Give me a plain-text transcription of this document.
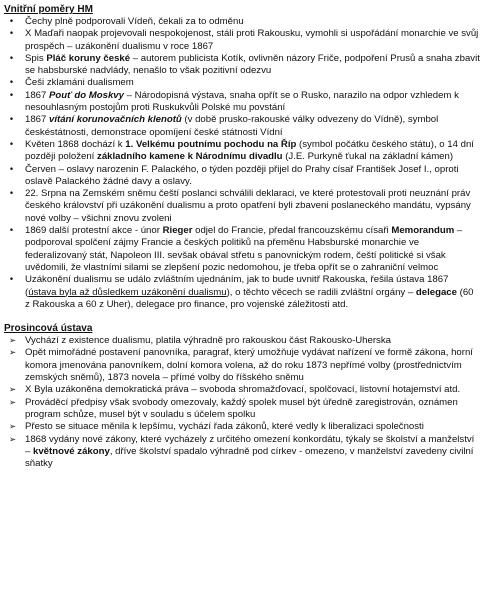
Vnitřní poměry HM
•	Čechy plně podporovali Vídeň, čekali za to odměnu
•	X Maďaři naopak projevovali nespokojenost, stáli proti Rakousku, vymohli si uspořádání monarchie ve svůj prospěch – uzákonění dualismu v roce 1867
•	Spis Pláč koruny české – autorem publicista Kotík, ovlivněn názory Friče, podpoření Prusů a snaha zbavit se habsburské nadvlády, nenašlo to však pozitivní odezvu
•	Češi zklamáni dualismem
•	1867 Pouť do Moskvy – Národopisná výstava, snaha opřít se o Rusko, narazilo na odpor vzhledem k nesouhlasným postojům proti Ruskukvůli Polské mu povstání
•	1867 vítání korunovačních klenotů (v době prusko-rakouské války odvezeny do Vídně), symbol českéstátnosti, demonstrace opomíjení české státnosti Vídní
•	Květen 1868 dochází k 1. Velkému poutnímu pochodu na Říp (symbol počátku českého státu), o 14 dní později položení základního kamene k Národnímu divadlu (J.E. Purkyně ťukal na základní kámen)
•	Červen – oslavy narozenin F. Palackého, o týden později přijel do Prahy císař František Josef I., oproti oslavě Palackého žádné davy a oslavy.
•	22. Srpna na Zemském sněmu čeští poslanci schválili deklaraci, ve které protestovali proti neuznání práv českého království při uzákonění dualismu a proto opatření byli zbaveni poslaneckého mandátu, vypsány nové volby – všichni znovu zvoleni
•	1869 další protestní akce - únor Rieger odjel do Francie, předal francouzskému císaři Memorandum – podporoval spolčení zájmy Francie a českých politiků na přeměnu Habsburské monarchie ve federalizovaný stát, Napoleon III. sevšak obával střetu s panovnickým rodem, čeští politické si však uvědomili, že vlastními silami se zlepšení pozic nedomohou, je třeba opřít se o zahraniční velmoc
•	Uzákonění dualismu se událo zvláštním ujednáním, jak to bude uvnitř Rakouska, řešila ústava 1867 (ústava byla až důsledkem uzákonění dualismu), o těchto věcech se radili zvláštní orgány – delegace (60 z Rakouska a 60 z Uher), delegace pro finance, pro vojenské záležitosti atd.
Prosincová ústava
➢ Vychází z existence dualismu, platila výhradně pro rakouskou část Rakousko-Uherska
➢ Opět mimořádné postavení panovníka, paragraf, který umožňuje vydávat nařízení ve formě zákona, horní komora jmenována panovníkem, dolní komora volena, až do roku 1873 nepřímé volby (prostřednictvím zemských sněmů), 1873 novela – přímé volby do říšského sněmu
➢ X Byla uzákoněna demokratická práva – svoboda shromažďovací, spolčovací, listovní hotajemství atd.
➢ Prováděcí předpisy však svobody omezovaly, každý spolek musel být úředně zaregistrován, oznámen program schůze, musel být v souladu s účelem spolku
➢ Přesto se situace měnila k lepšímu, vychází řada zákonů, které vedly k liberalizaci společnosti
➢ 1868 vydány nové zákony, které vycházely z určitého omezení konkordátu, týkaly se školství a manželství – květnové zákony, dříve školství spadalo výhradně pod církev - omezeno, v manželství zavedeny civilní sňatky
